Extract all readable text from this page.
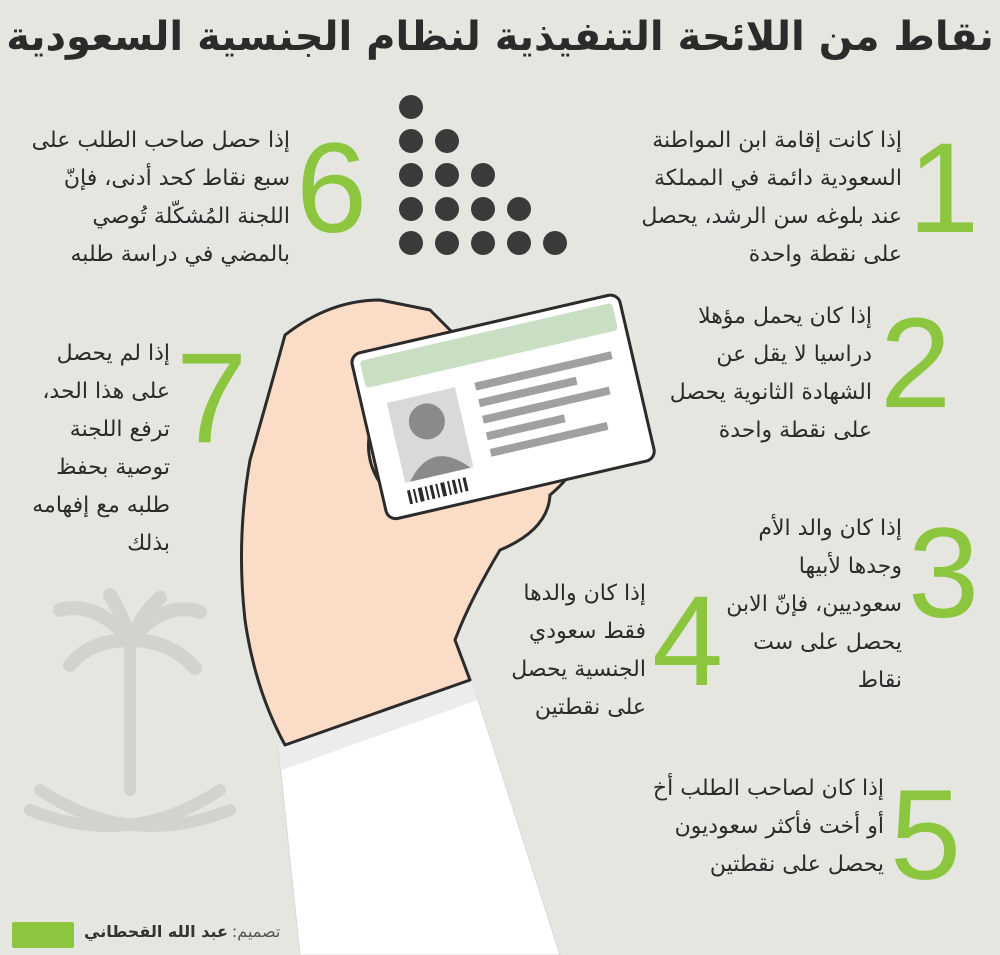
نقاط من اللائحة التنفيذية لنظام الجنسية السعودية
1
إذا كانت إقامة ابن المواطنة السعودية دائمة في المملكة عند بلوغه سن الرشد، يحصل على نقطة واحدة
2
إذا كان يحمل مؤهلا دراسيا لا يقل عن الشهادة الثانوية يحصل على نقطة واحدة
3
إذا كان والد الأم وجدها لأبيها سعوديين، فإنّ الابن يحصل على ست نقاط
4
إذا كان والدها فقط سعودي الجنسية يحصل على نقطتين
5
إذا كان لصاحب الطلب أخ أو أخت فأكثر سعوديون يحصل على نقطتين
6
إذا حصل صاحب الطلب على سبع نقاط كحد أدنى، فإنّ اللجنة المُشكّلة تُوصي بالمضي في دراسة طلبه
7
إذا لم يحصل على هذا الحد، ترفع اللجنة توصية بحفظ طلبه مع إفهامه بذلك
تصميم:عبد الله القحطاني
